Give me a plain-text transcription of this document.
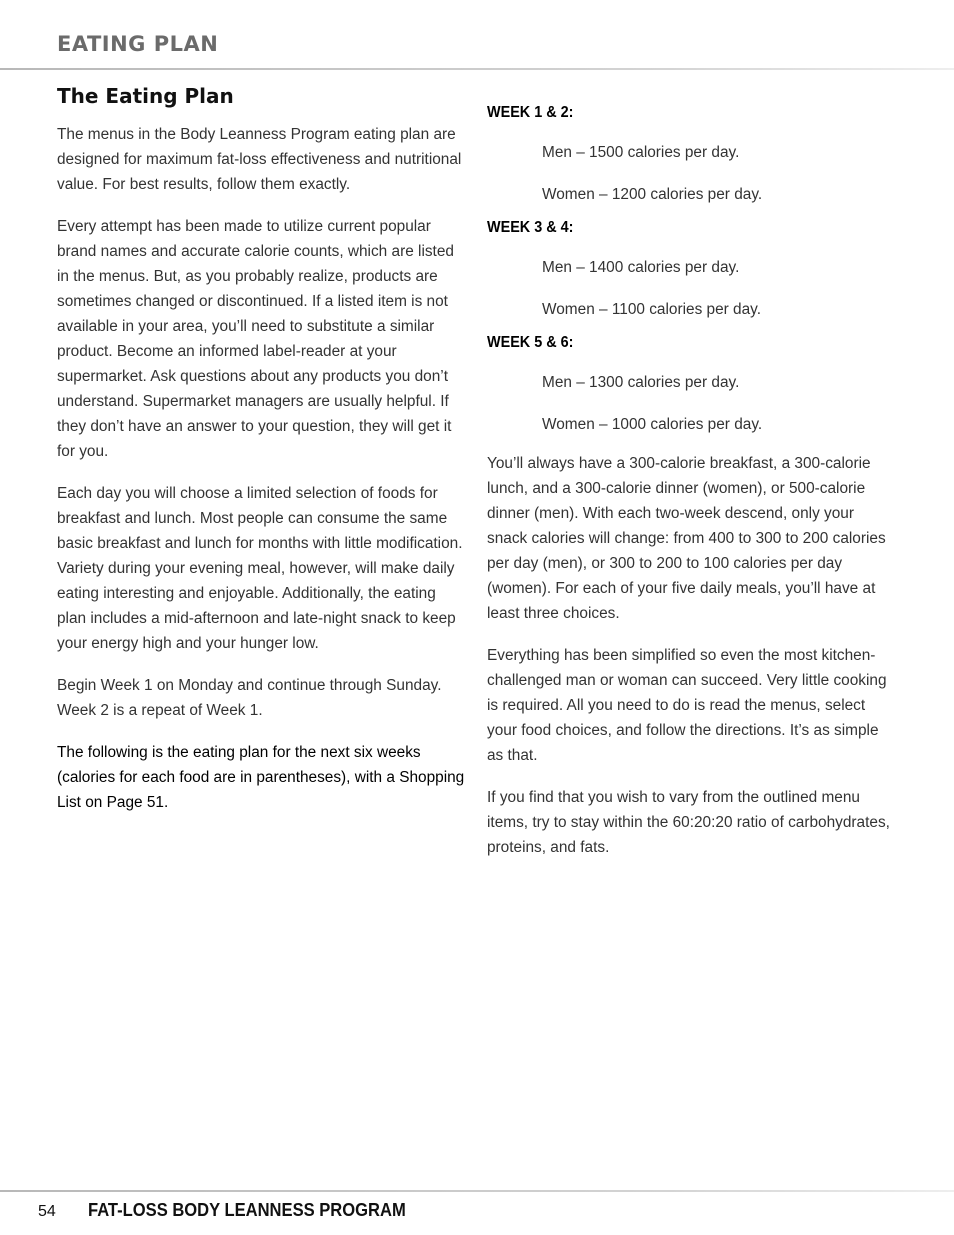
EATING PLAN
The Eating Plan

The menus in the Body Leanness Program eating plan are designed for maximum fat-loss effectiveness and nutritional value. For best results, follow them exactly.

Every attempt has been made to utilize current popular brand names and accurate calorie counts, which are listed in the menus. But, as you probably realize, products are sometimes changed or discontinued. If a listed item is not available in your area, you’ll need to substitute a similar product. Become an informed label-reader at your supermarket. Ask questions about any products you don’t understand. Supermarket managers are usually helpful. If they don’t have an answer to your question, they will get it for you.

Each day you will choose a limited selection of foods for breakfast and lunch. Most people can consume the same basic breakfast and lunch for months with little modification. Variety during your evening meal, however, will make daily eating interesting and enjoyable. Additionally, the eating plan includes a mid-afternoon and late-night snack to keep your energy high and your hunger low.

Begin Week 1 on Monday and continue through Sunday. Week 2 is a repeat of Week 1.

The following is the eating plan for the next six weeks (calories for each food are in parentheses), with a Shopping List on Page 51.

WEEK 1 & 2:

Men – 1500 calories per day.

Women – 1200 calories per day.

WEEK 3 & 4:

Men – 1400 calories per day.

Women – 1100 calories per day.

WEEK 5 & 6:

Men – 1300 calories per day.

Women – 1000 calories per day.

You’ll always have a 300-calorie breakfast, a 300-calorie lunch, and a 300-calorie dinner (women), or 500-calorie dinner (men). With each two-week descend, only your snack calories will change: from 400 to 300 to 200 calories per day (men), or 300 to 200 to 100 calories per day (women). For each of your five daily meals, you’ll have at least three choices.

Everything has been simplified so even the most kitchen-challenged man or woman can succeed. Very little cooking is required. All you need to do is read the menus, select your food choices, and follow the directions. It’s as simple as that.

If you find that you wish to vary from the outlined menu items, try to stay within the 60:20:20 ratio of carbohydrates, proteins, and fats.

54 FAT-LOSS BODY LEANNESS PROGRAM
